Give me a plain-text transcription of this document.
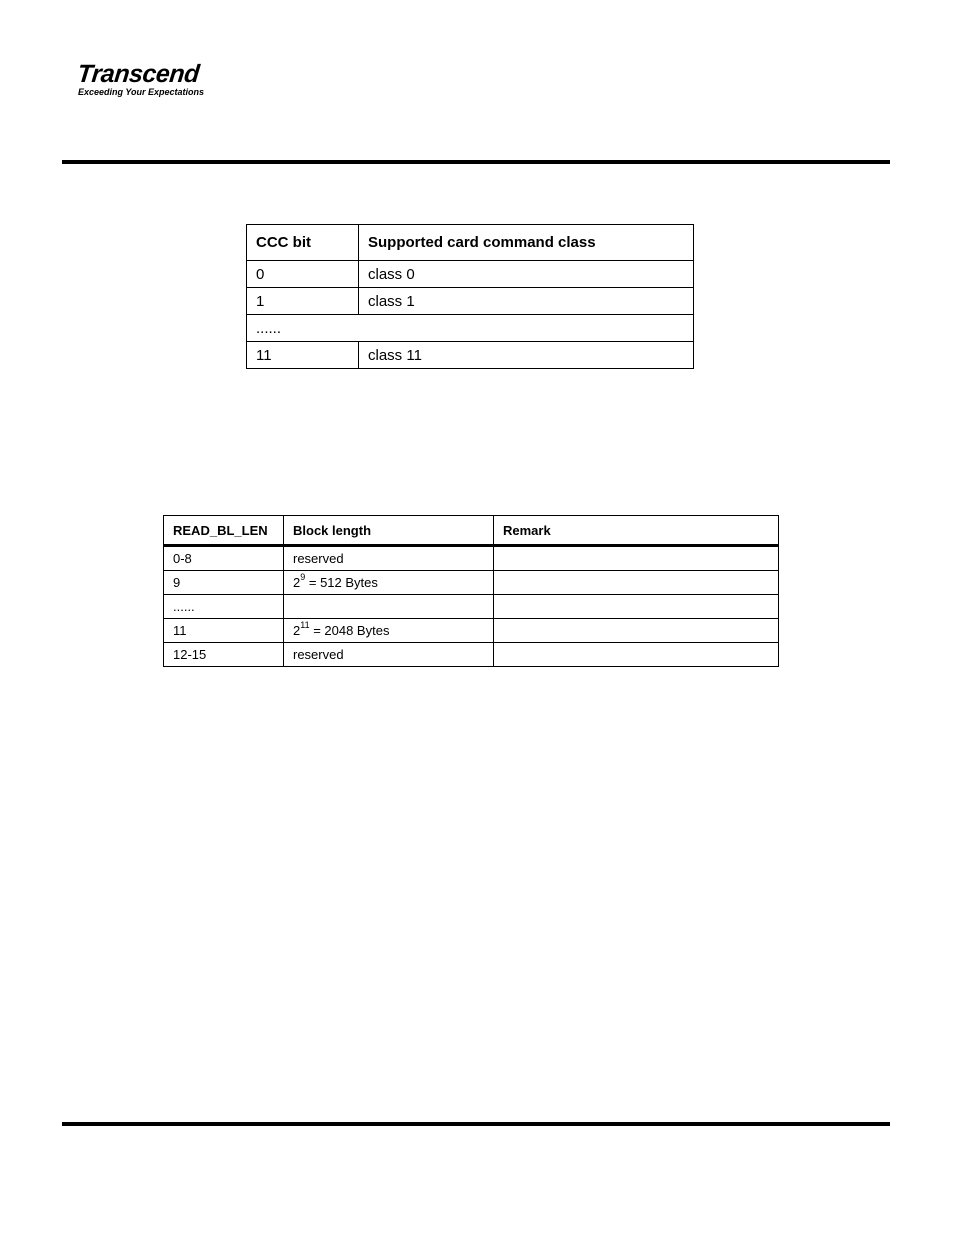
Transcend
Exceeding Your Expectations
CCC bit	Supported card command class
0	class 0
1	class 1
......	
11	class 11
READ_BL_LEN	Block length	Remark
0-8	reserved	
9	$2^9 = 512$ Bytes	
......		
11	$2^{11} = 2048$ Bytes	
12-15	reserved	
